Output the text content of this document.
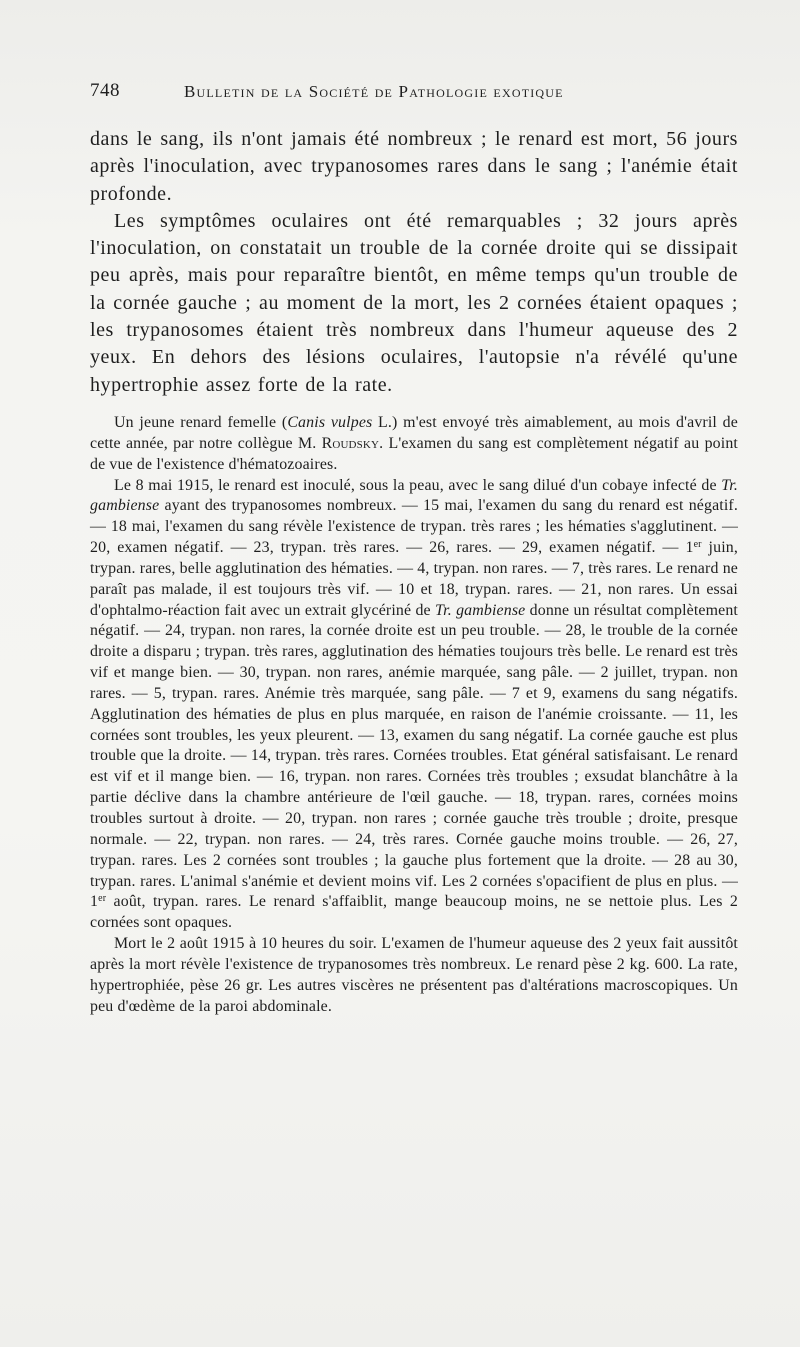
748	Bulletin de la Société de Pathologie exotique

dans le sang, ils n'ont jamais été nombreux ; le renard est mort, 56 jours après l'inoculation, avec trypanosomes rares dans le sang ; l'anémie était profonde.

Les symptômes oculaires ont été remarquables ; 32 jours après l'inoculation, on constatait un trouble de la cornée droite qui se dissipait peu après, mais pour reparaître bientôt, en même temps qu'un trouble de la cornée gauche ; au moment de la mort, les 2 cornées étaient opaques ; les trypanosomes étaient très nombreux dans l'humeur aqueuse des 2 yeux. En dehors des lésions oculaires, l'autopsie n'a révélé qu'une hypertrophie assez forte de la rate.

Un jeune renard femelle (Canis vulpes L.) m'est envoyé très aimablement, au mois d'avril de cette année, par notre collègue M. Roudsky. L'examen du sang est complètement négatif au point de vue de l'existence d'hématozoaires.

Le 8 mai 1915, le renard est inoculé, sous la peau, avec le sang dilué d'un cobaye infecté de Tr. gambiense ayant des trypanosomes nombreux. — 15 mai, l'examen du sang du renard est négatif. — 18 mai, l'examen du sang révèle l'existence de trypan. très rares ; les hématies s'agglutinent. — 20, examen négatif. — 23, trypan. très rares. — 26, rares. — 29, examen négatif. — 1er juin, trypan. rares, belle agglutination des hématies. — 4, trypan. non rares. — 7, très rares. Le renard ne paraît pas malade, il est toujours très vif. — 10 et 18, trypan. rares. — 21, non rares. Un essai d'ophtalmo-réaction fait avec un extrait glycériné de Tr. gambiense donne un résultat complètement négatif. — 24, trypan. non rares, la cornée droite est un peu trouble. — 28, le trouble de la cornée droite a disparu ; trypan. très rares, agglutination des hématies toujours très belle. Le renard est très vif et mange bien. — 30, trypan. non rares, anémie marquée, sang pâle. — 2 juillet, trypan. non rares. — 5, trypan. rares. Anémie très marquée, sang pâle. — 7 et 9, examens du sang négatifs. Agglutination des hématies de plus en plus marquée, en raison de l'anémie croissante. — 11, les cornées sont troubles, les yeux pleurent. — 13, examen du sang négatif. La cornée gauche est plus trouble que la droite. — 14, trypan. très rares. Cornées troubles. Etat général satisfaisant. Le renard est vif et il mange bien. — 16, trypan. non rares. Cornées très troubles ; exsudat blanchâtre à la partie déclive dans la chambre antérieure de l'œil gauche. — 18, trypan. rares, cornées moins troubles surtout à droite. — 20, trypan. non rares ; cornée gauche très trouble ; droite, presque normale. — 22, trypan. non rares. — 24, très rares. Cornée gauche moins trouble. — 26, 27, trypan. rares. Les 2 cornées sont troubles ; la gauche plus fortement que la droite. — 28 au 30, trypan. rares. L'animal s'anémie et devient moins vif. Les 2 cornées s'opacifient de plus en plus. — 1er août, trypan. rares. Le renard s'affaiblit, mange beaucoup moins, ne se nettoie plus. Les 2 cornées sont opaques.

Mort le 2 août 1915 à 10 heures du soir. L'examen de l'humeur aqueuse des 2 yeux fait aussitôt après la mort révèle l'existence de trypanosomes très nombreux. Le renard pèse 2 kg. 600. La rate, hypertrophiée, pèse 26 gr. Les autres viscères ne présentent pas d'altérations macroscopiques. Un peu d'œdème de la paroi abdominale.
